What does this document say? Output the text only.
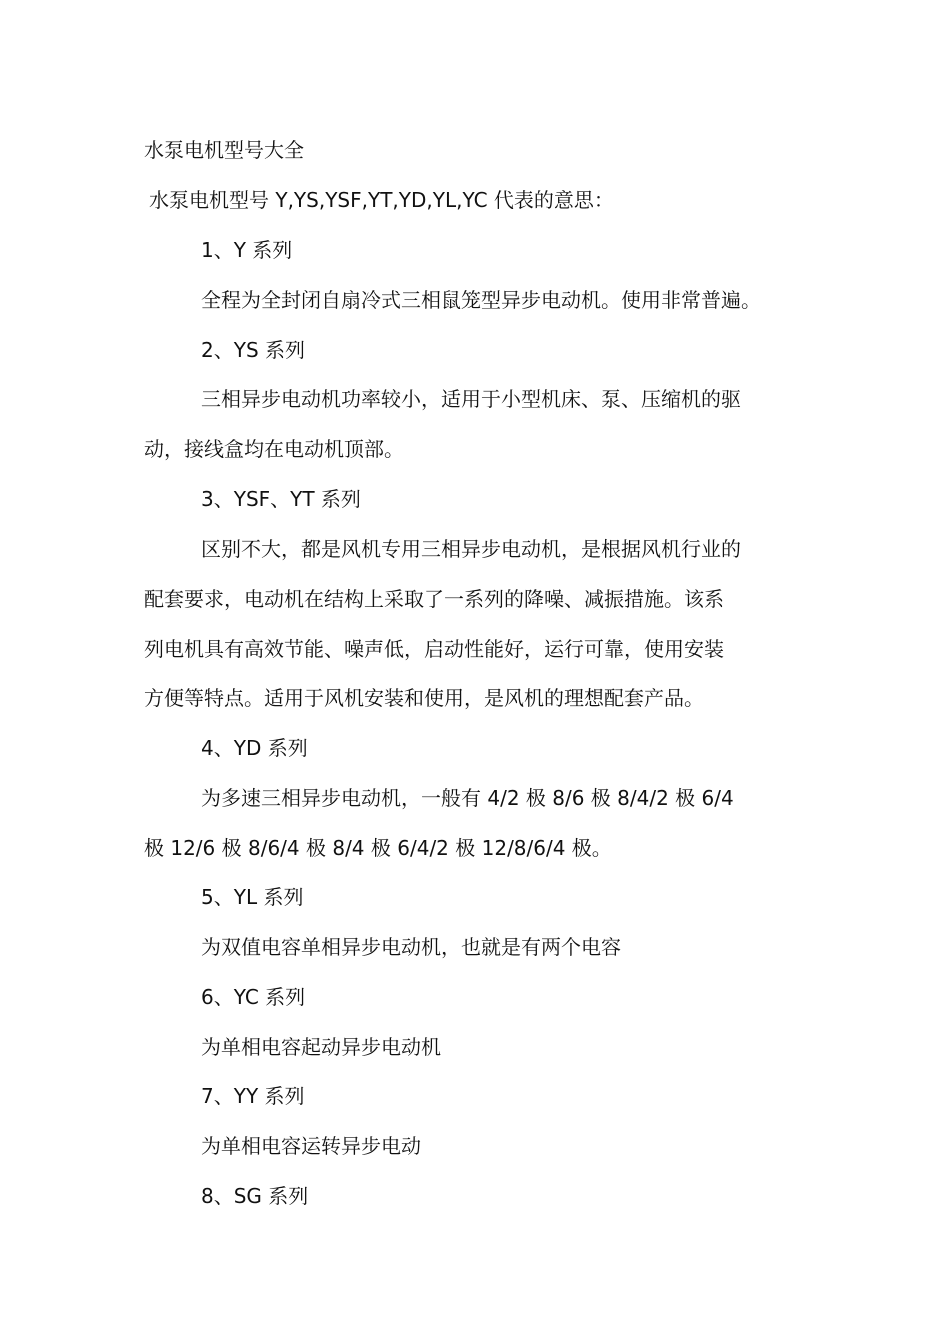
水泵电机型号大全
水泵电机型号 Y,YS,YSF,YT,YD,YL,YC 代表的意思：
1、Y 系列
全程为全封闭自扇冷式三相鼠笼型异步电动机。使用非常普遍。
2、YS 系列
三相异步电动机功率较小，适用于小型机床、泵、压缩机的驱
动，接线盒均在电动机顶部。
3、YSF、YT 系列
区别不大，都是风机专用三相异步电动机，是根据风机行业的
配套要求，电动机在结构上采取了一系列的降噪、减振措施。该系
列电机具有高效节能、噪声低，启动性能好，运行可靠，使用安装
方便等特点。适用于风机安装和使用，是风机的理想配套产品。
4、YD 系列
为多速三相异步电动机，一般有 4/2 极 8/6 极 8/4/2 极 6/4
极 12/6 极 8/6/4 极 8/4 极 6/4/2 极 12/8/6/4 极。
5、YL 系列
为双值电容单相异步电动机，也就是有两个电容
6、YC 系列
为单相电容起动异步电动机
7、YY 系列
为单相电容运转异步电动
8、SG 系列
